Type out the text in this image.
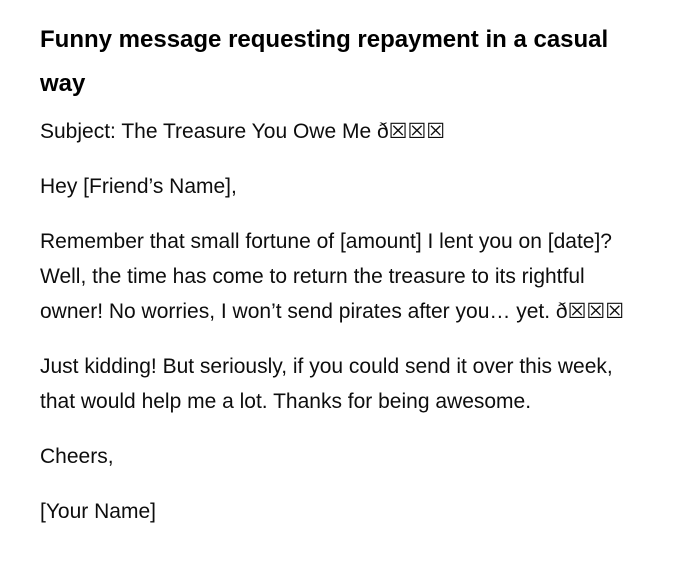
Funny message requesting repayment in a casual way

Subject: The Treasure You Owe Me ð☒☒☒

Hey [Friend’s Name],

Remember that small fortune of [amount] I lent you on [date]? Well, the time has come to return the treasure to its rightful owner! No worries, I won’t send pirates after you… yet. ð☒☒☒

Just kidding! But seriously, if you could send it over this week, that would help me a lot. Thanks for being awesome.

Cheers,

[Your Name]
